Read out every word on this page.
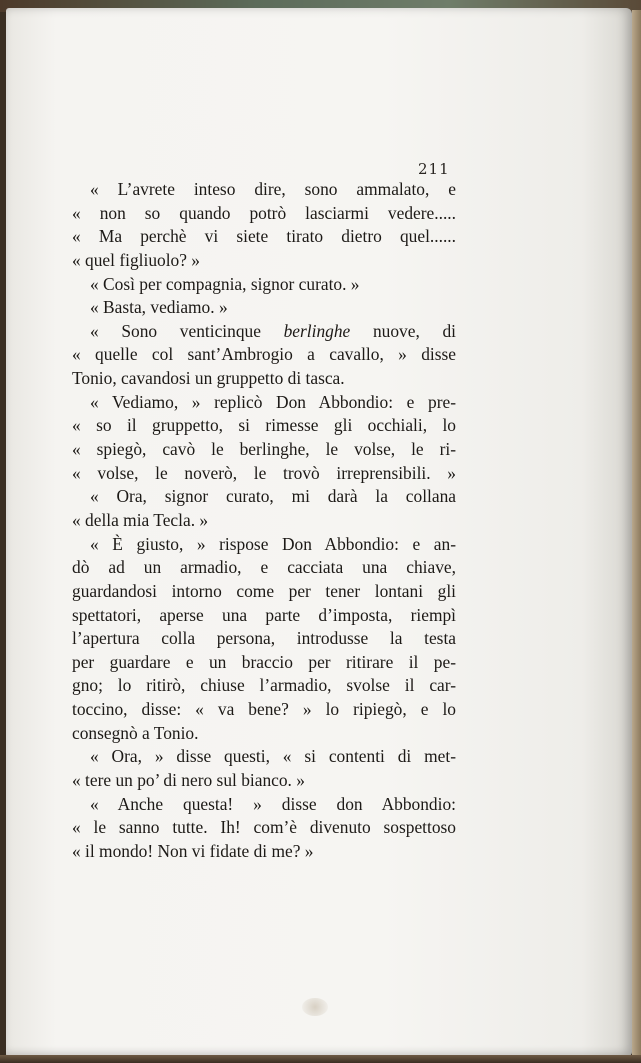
211
« L’avrete inteso dire, sono ammalato, e
« non so quando potrò lasciarmi vedere.....
« Ma perchè vi siete tirato dietro quel......
« quel figliuolo? »
« Così per compagnia, signor curato. »
« Basta, vediamo. »
« Sono venticinque berlinghe nuove, di
« quelle col sant’Ambrogio a cavallo, » disse
Tonio, cavandosi un gruppetto di tasca.
« Vediamo, » replicò Don Abbondio: e pre-
« so il gruppetto, si rimesse gli occhiali, lo
« spiegò, cavò le berlinghe, le volse, le ri-
« volse, le noverò, le trovò irreprensibili. »
« Ora, signor curato, mi darà la collana
« della mia Tecla. »
« È giusto, » rispose Don Abbondio: e an-
dò ad un armadio, e cacciata una chiave,
guardandosi intorno come per tener lontani gli
spettatori, aperse una parte d’imposta, riempì
l’apertura colla persona, introdusse la testa
per guardare e un braccio per ritirare il pe-
gno; lo ritirò, chiuse l’armadio, svolse il car-
toccino, disse: « va bene? » lo ripiegò, e lo
consegnò a Tonio.
« Ora, » disse questi, « si contenti di met-
« tere un po’ di nero sul bianco. »
« Anche questa! » disse don Abbondio:
« le sanno tutte. Ih! com’è divenuto sospettoso
« il mondo! Non vi fidate di me? »
